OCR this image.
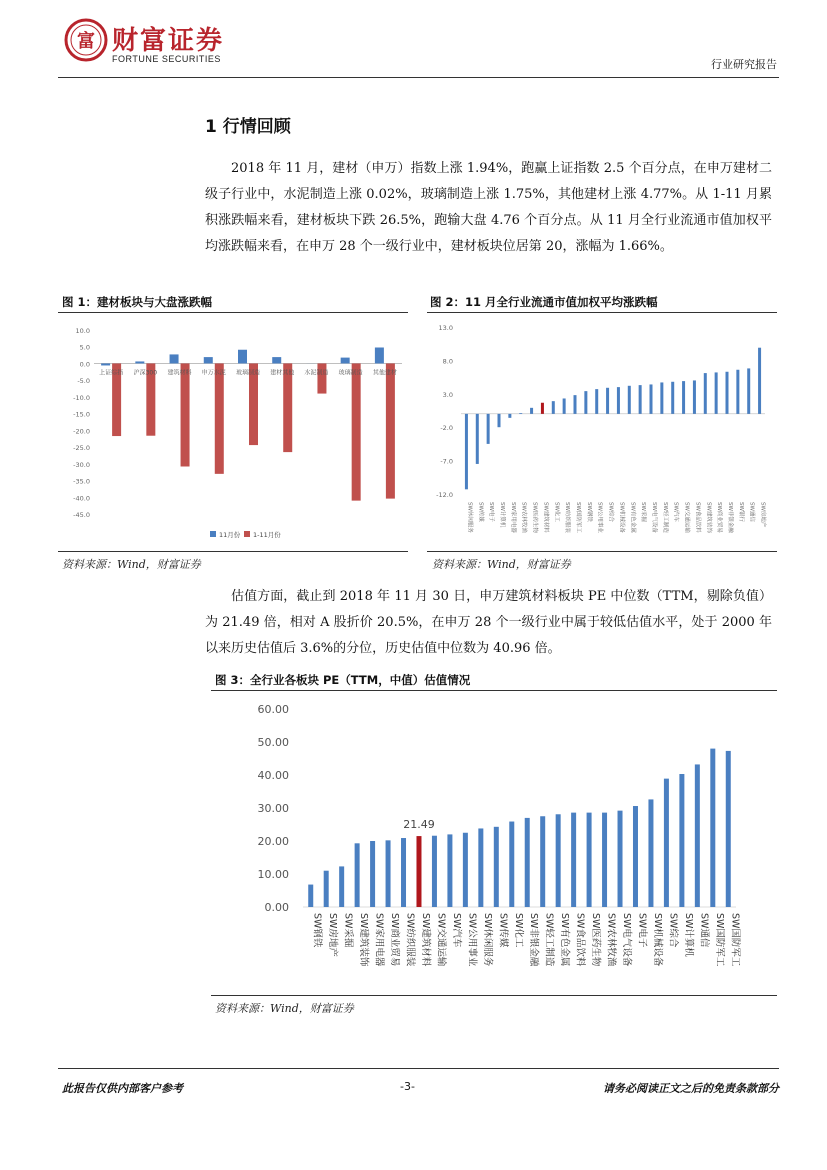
富 财富证券
FORTUNE SECURITIES	行业研究报告
1 行情回顾
2018 年 11 月，建材（申万）指数上涨 1.94%，跑赢上证指数 2.5 个百分点，在申万建材二级子行业中，水泥制造上涨 0.02%，玻璃制造上涨 1.75%，其他建材上涨 4.77%。从 1-11 月累积涨跌幅来看，建材板块下跌 26.5%，跑输大盘 4.76 个百分点。从 11 月全行业流通市值加权平均涨跌幅来看，在申万 28 个一级行业中，建材板块位居第 20，涨幅为 1.66%。
图 1：建材板块与大盘涨跌幅
10.0
5.0
0.0
-5.0
-10.0
-15.0
-20.0
-25.0
-30.0
-35.0
-40.0
-45.0
上证综指 沪深300 建筑材料 申万水泥 玻璃制造 建材其他 水泥制造 玻璃制造 其他建材
11月份 1-11月份
资料来源：Wind，财富证券
图 2：11 月全行业流通市值加权平均涨跌幅
13.0
8.0
3.0
-2.0
-7.0
-12.0
SW休闲服务 SW传媒 SW电子 SW计算机 SW家用电器 SW农林牧渔 SW医药生物 SW建筑材料 SW化工 SW纺织服装 SW国防军工 SW钢铁 SW公用事业 SW综合 SW机械设备 SW有色金属 SW采掘 SW电气设备 SW轻工制造 SW汽车 SW交通运输 SW食品饮料 SW建筑装饰 SW商业贸易 SW非银金融 SW银行 SW通信 SW房地产
资料来源：Wind，财富证券
估值方面，截止到 2018 年 11 月 30 日，申万建筑材料板块 PE 中位数（TTM，剔除负值）为 21.49 倍，相对 A 股折价 20.5%，在申万 28 个一级行业中属于较低估值水平，处于 2000 年以来历史估值后 3.6%的分位，历史估值中位数为 40.96 倍。
图 3：全行业各板块 PE（TTM，中值）估值情况
60.00
50.00
40.00
30.00
20.00
10.00
0.00
SW钢铁 SW房地产 SW采掘 SW建筑装饰 SW家用电器 SW商业贸易 SW纺织服装 SW建筑材料
21.49
SW交通运输 SW汽车 SW公用事业 SW休闲服务 SW传媒 SW化工 SW非银金融 SW轻工制造 SW有色金属 SW食品饮料 SW医药生物 SW农林牧渔 SW电气设备 SW电子 SW机械设备 SW综合 SW计算机 SW通信 SW国防军工 SW国防军工
资料来源：Wind，财富证券
此报告仅供内部客户参考	-3-	请务必阅读正文之后的免责条款部分
